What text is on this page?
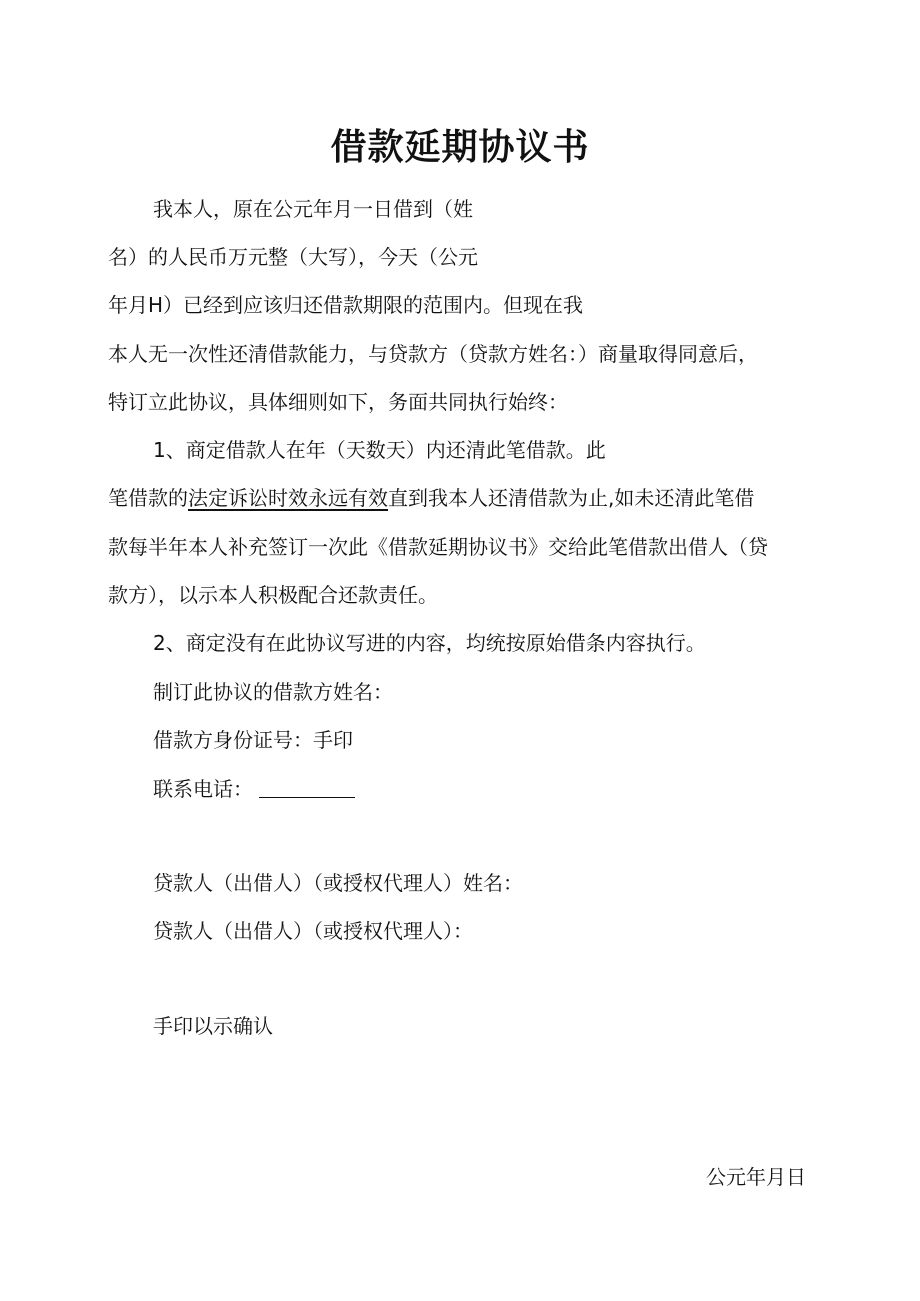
借款延期协议书
我本人，原在公元年月一日借到（姓
名）的人民币万元整（大写），今天（公元
年月H）已经到应该归还借款期限的范围内。但现在我
本人无一次性还清借款能力，与贷款方（贷款方姓名：）商量取得同意后，
特订立此协议，具体细则如下，务面共同执行始终：
1、商定借款人在年（天数天）内还清此笔借款。此
笔借款的法定诉讼时效永远有效直到我本人还清借款为止,如未还清此笔借
款每半年本人补充签订一次此《借款延期协议书》交给此笔借款出借人（贷
款方），以示本人积极配合还款责任。
2、商定没有在此协议写进的内容，均统按原始借条内容执行。
制订此协议的借款方姓名：
借款方身份证号：手印
联系电话：
贷款人（出借人）（或授权代理人）姓名：
贷款人（出借人）（或授权代理人）：
手印以示确认
公元年月日
